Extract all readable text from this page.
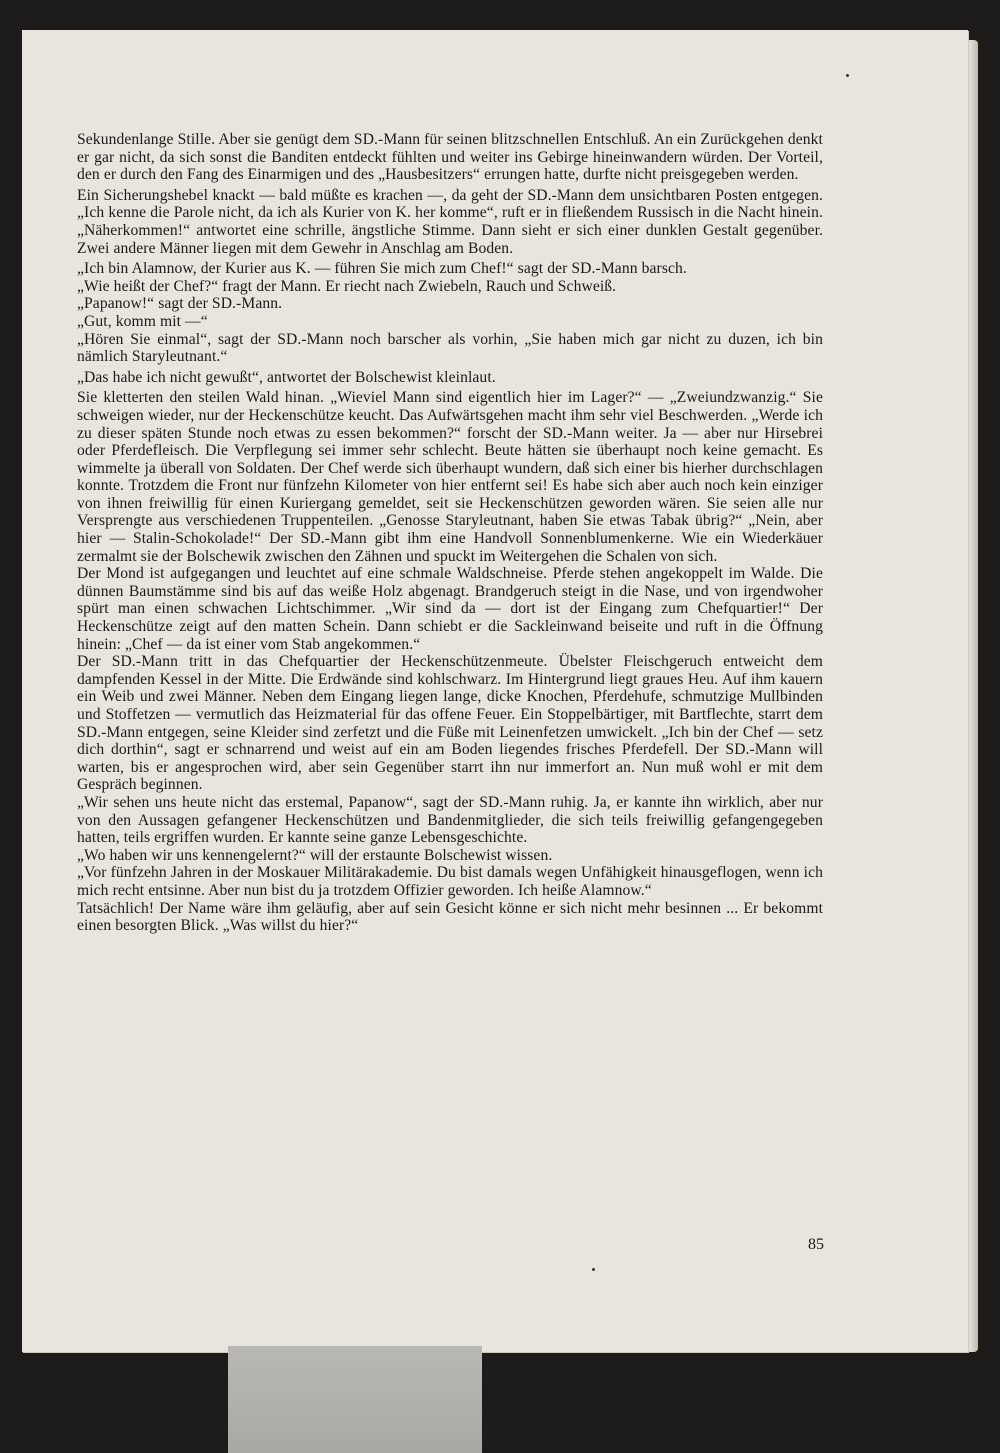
Sekundenlange Stille. Aber sie genügt dem SD.-Mann für seinen blitzschnellen Entschluß. An ein Zurückgehen denkt er gar nicht, da sich sonst die Banditen entdeckt fühlten und weiter ins Gebirge hineinwandern würden. Der Vorteil, den er durch den Fang des Einarmigen und des „Hausbesitzers“ errungen hatte, durfte nicht preisgegeben werden.

Ein Sicherungshebel knackt — bald müßte es krachen —, da geht der SD.-Mann dem unsichtbaren Posten entgegen. „Ich kenne die Parole nicht, da ich als Kurier von K. her komme“, ruft er in fließendem Russisch in die Nacht hinein. „Näherkommen!“ antwortet eine schrille, ängstliche Stimme. Dann sieht er sich einer dunklen Gestalt gegenüber. Zwei andere Männer liegen mit dem Gewehr in Anschlag am Boden.

„Ich bin Alamnow, der Kurier aus K. — führen Sie mich zum Chef!“ sagt der SD.-Mann barsch.

„Wie heißt der Chef?“ fragt der Mann. Er riecht nach Zwiebeln, Rauch und Schweiß.

„Papanow!“ sagt der SD.-Mann.

„Gut, komm mit —“

„Hören Sie einmal“, sagt der SD.-Mann noch barscher als vorhin, „Sie haben mich gar nicht zu duzen, ich bin nämlich Staryleutnant.“

„Das habe ich nicht gewußt“, antwortet der Bolschewist kleinlaut.

Sie kletterten den steilen Wald hinan. „Wieviel Mann sind eigentlich hier im Lager?“ — „Zweiundzwanzig.“ Sie schweigen wieder, nur der Heckenschütze keucht. Das Aufwärtsgehen macht ihm sehr viel Beschwerden. „Werde ich zu dieser späten Stunde noch etwas zu essen bekommen?“ forscht der SD.-Mann weiter. Ja — aber nur Hirsebrei oder Pferdefleisch. Die Verpflegung sei immer sehr schlecht. Beute hätten sie überhaupt noch keine gemacht. Es wimmelte ja überall von Soldaten. Der Chef werde sich überhaupt wundern, daß sich einer bis hierher durchschlagen konnte. Trotzdem die Front nur fünfzehn Kilometer von hier entfernt sei! Es habe sich aber auch noch kein einziger von ihnen freiwillig für einen Kuriergang gemeldet, seit sie Heckenschützen geworden wären. Sie seien alle nur Versprengte aus verschiedenen Truppenteilen. „Genosse Staryleutnant, haben Sie etwas Tabak übrig?“ „Nein, aber hier — Stalin-Schokolade!“ Der SD.-Mann gibt ihm eine Handvoll Sonnenblumenkerne. Wie ein Wiederkäuer zermalmt sie der Bolschewik zwischen den Zähnen und spuckt im Weitergehen die Schalen von sich.

Der Mond ist aufgegangen und leuchtet auf eine schmale Waldschneise. Pferde stehen angekoppelt im Walde. Die dünnen Baumstämme sind bis auf das weiße Holz abgenagt. Brandgeruch steigt in die Nase, und von irgendwoher spürt man einen schwachen Lichtschimmer. „Wir sind da — dort ist der Eingang zum Chefquartier!“ Der Heckenschütze zeigt auf den matten Schein. Dann schiebt er die Sackleinwand beiseite und ruft in die Öffnung hinein: „Chef — da ist einer vom Stab angekommen.“

Der SD.-Mann tritt in das Chefquartier der Heckenschützenmeute. Übelster Fleischgeruch entweicht dem dampfenden Kessel in der Mitte. Die Erdwände sind kohlschwarz. Im Hintergrund liegt graues Heu. Auf ihm kauern ein Weib und zwei Männer. Neben dem Eingang liegen lange, dicke Knochen, Pferdehufe, schmutzige Mullbinden und Stoffetzen — vermutlich das Heizmaterial für das offene Feuer. Ein Stoppelbärtiger, mit Bartflechte, starrt dem SD.-Mann entgegen, seine Kleider sind zerfetzt und die Füße mit Leinenfetzen umwickelt. „Ich bin der Chef — setz dich dorthin“, sagt er schnarrend und weist auf ein am Boden liegendes frisches Pferdefell. Der SD.-Mann will warten, bis er angesprochen wird, aber sein Gegenüber starrt ihn nur immerfort an. Nun muß wohl er mit dem Gespräch beginnen.

„Wir sehen uns heute nicht das erstemal, Papanow“, sagt der SD.-Mann ruhig. Ja, er kannte ihn wirklich, aber nur von den Aussagen gefangener Heckenschützen und Bandenmitglieder, die sich teils freiwillig gefangengegeben hatten, teils ergriffen wurden. Er kannte seine ganze Lebensgeschichte.

„Wo haben wir uns kennengelernt?“ will der erstaunte Bolschewist wissen.

„Vor fünfzehn Jahren in der Moskauer Militärakademie. Du bist damals wegen Unfähigkeit hinausgeflogen, wenn ich mich recht entsinne. Aber nun bist du ja trotzdem Offizier geworden. Ich heiße Alamnow.“

Tatsächlich! Der Name wäre ihm geläufig, aber auf sein Gesicht könne er sich nicht mehr besinnen ... Er bekommt einen besorgten Blick. „Was willst du hier?“

85
